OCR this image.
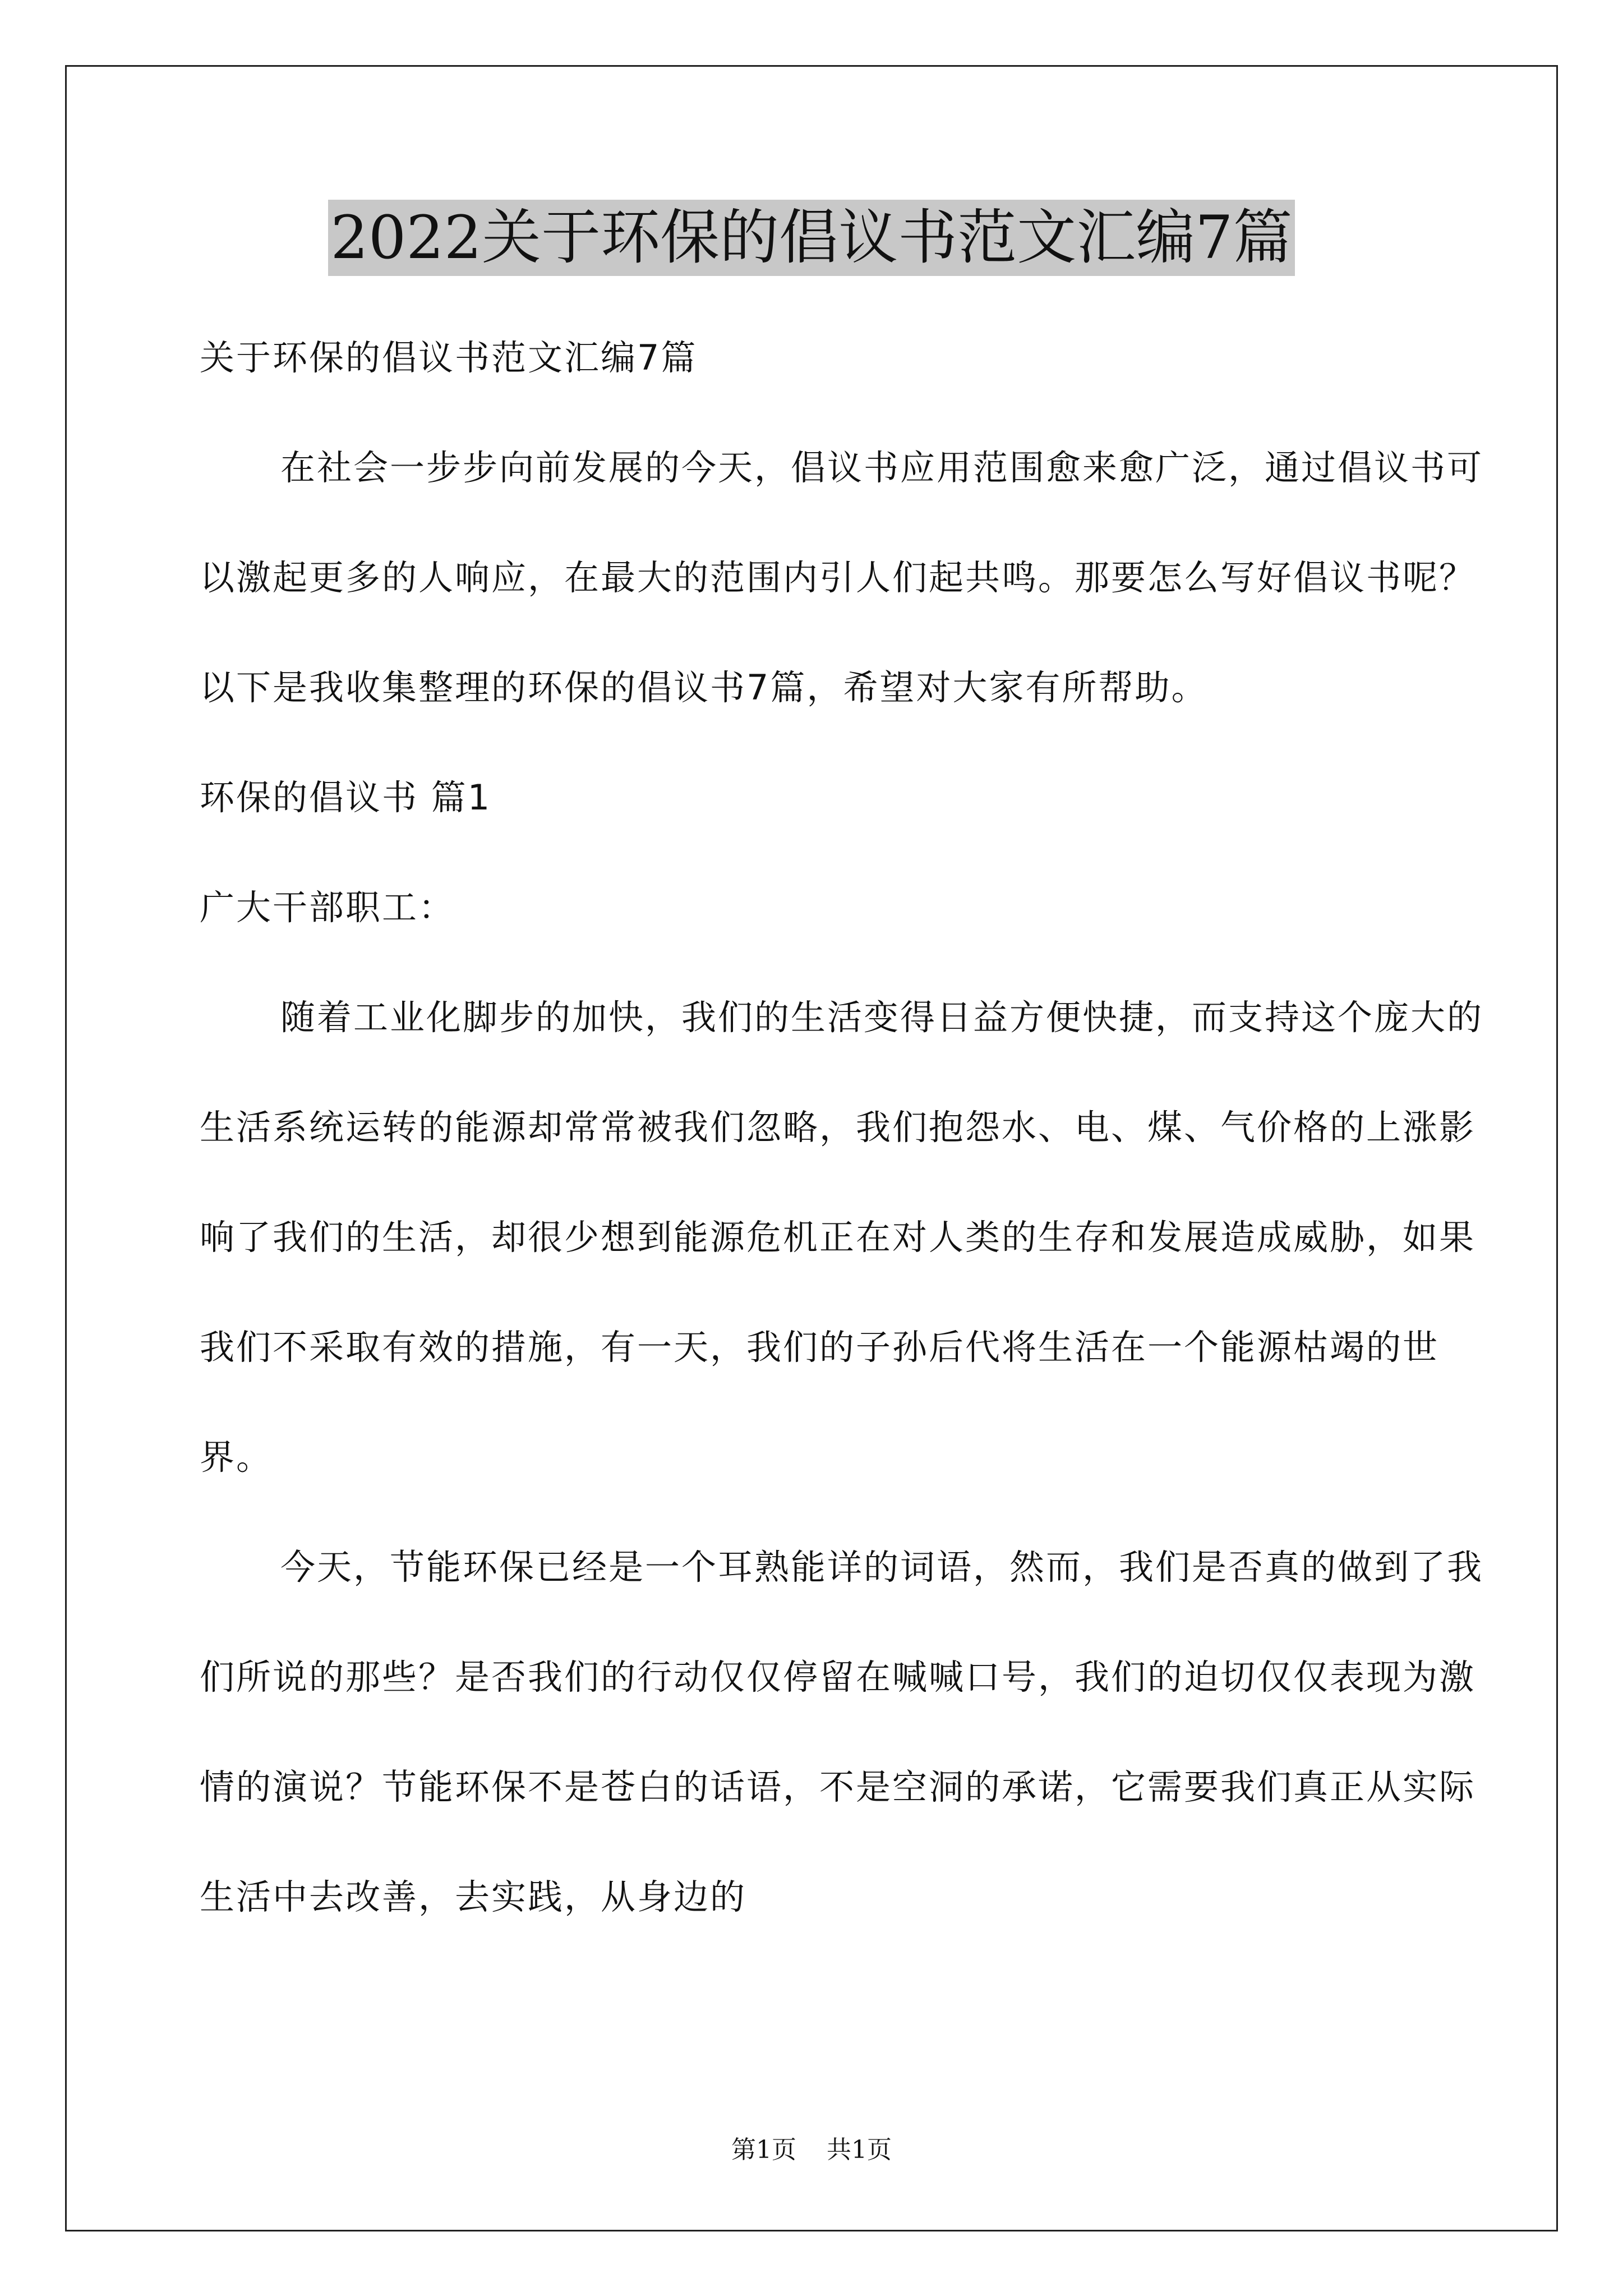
2022关于环保的倡议书范文汇编7篇

关于环保的倡议书范文汇编7篇

在社会一步步向前发展的今天，倡议书应用范围愈来愈广泛，通过倡议书可以激起更多的人响应，在最大的范围内引人们起共鸣。那要怎么写好倡议书呢？以下是我收集整理的环保的倡议书7篇，希望对大家有所帮助。

环保的倡议书 篇1

广大干部职工：

随着工业化脚步的加快，我们的生活变得日益方便快捷，而支持这个庞大的生活系统运转的能源却常常被我们忽略，我们抱怨水、电、煤、气价格的上涨影响了我们的生活，却很少想到能源危机正在对人类的生存和发展造成威胁，如果我们不采取有效的措施，有一天，我们的子孙后代将生活在一个能源枯竭的世界。

今天，节能环保已经是一个耳熟能详的词语，然而，我们是否真的做到了我们所说的那些？是否我们的行动仅仅停留在喊喊口号，我们的迫切仅仅表现为激情的演说？节能环保不是苍白的话语，不是空洞的承诺，它需要我们真正从实际生活中去改善，去实践，从身边的

第1页 共1页
